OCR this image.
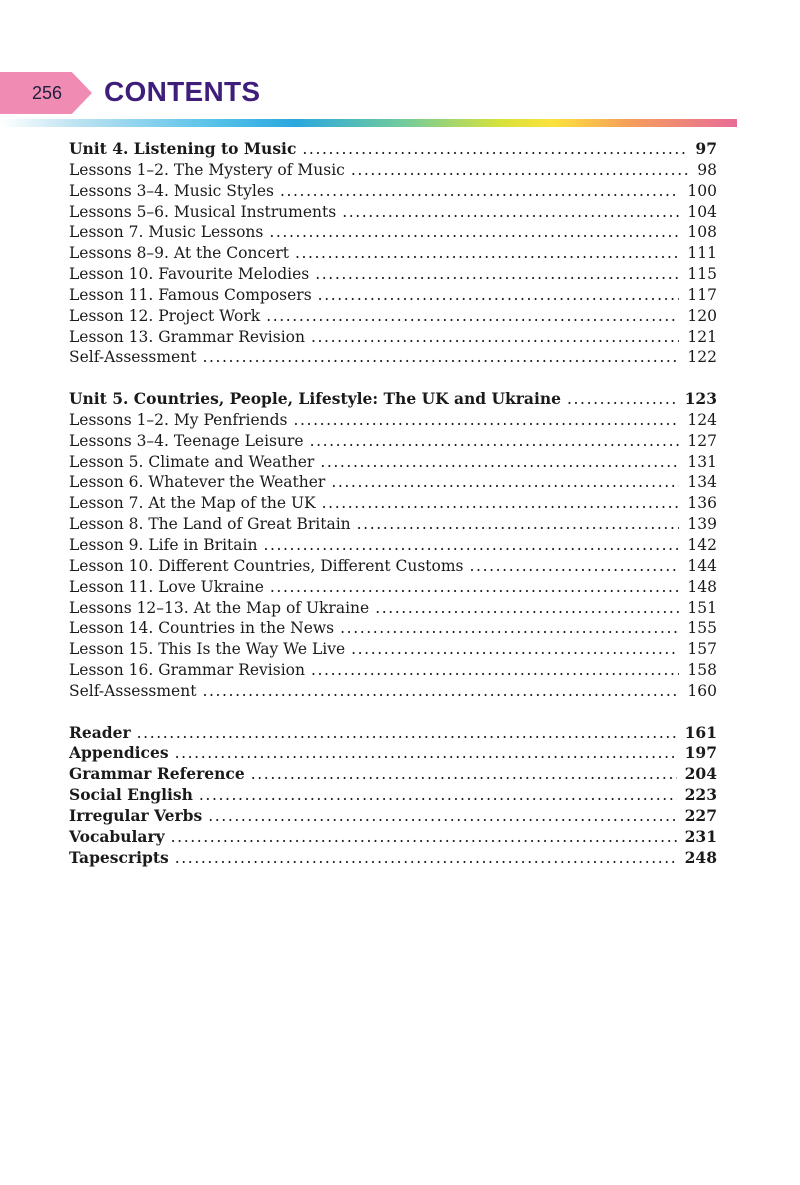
256	CONTENTS
Unit 4. Listening to Music .....	97
Lessons 1–2. The Mystery of Music .....	98
Lessons 3–4. Music Styles .....	100
Lessons 5–6. Musical Instruments .....	104
Lesson 7. Music Lessons .....	108
Lessons 8–9. At the Concert .....	111
Lesson 10. Favourite Melodies .....	115
Lesson 11. Famous Composers .....	117
Lesson 12. Project Work .....	120
Lesson 13. Grammar Revision .....	121
Self-Assessment .....	122
Unit 5. Countries, People, Lifestyle: The UK and Ukraine .....	123
Lessons 1–2. My Penfriends .....	124
Lessons 3–4. Teenage Leisure .....	127
Lesson 5. Climate and Weather .....	131
Lesson 6. Whatever the Weather .....	134
Lesson 7. At the Map of the UK .....	136
Lesson 8. The Land of Great Britain .....	139
Lesson 9. Life in Britain .....	142
Lesson 10. Different Countries, Different Customs .....	144
Lesson 11. Love Ukraine .....	148
Lessons 12–13. At the Map of Ukraine .....	151
Lesson 14. Countries in the News .....	155
Lesson 15. This Is the Way We Live .....	157
Lesson 16. Grammar Revision .....	158
Self-Assessment .....	160
Reader .....	161
Appendices .....	197
Grammar Reference .....	204
Social English .....	223
Irregular Verbs .....	227
Vocabulary .....	231
Tapescripts .....	248
